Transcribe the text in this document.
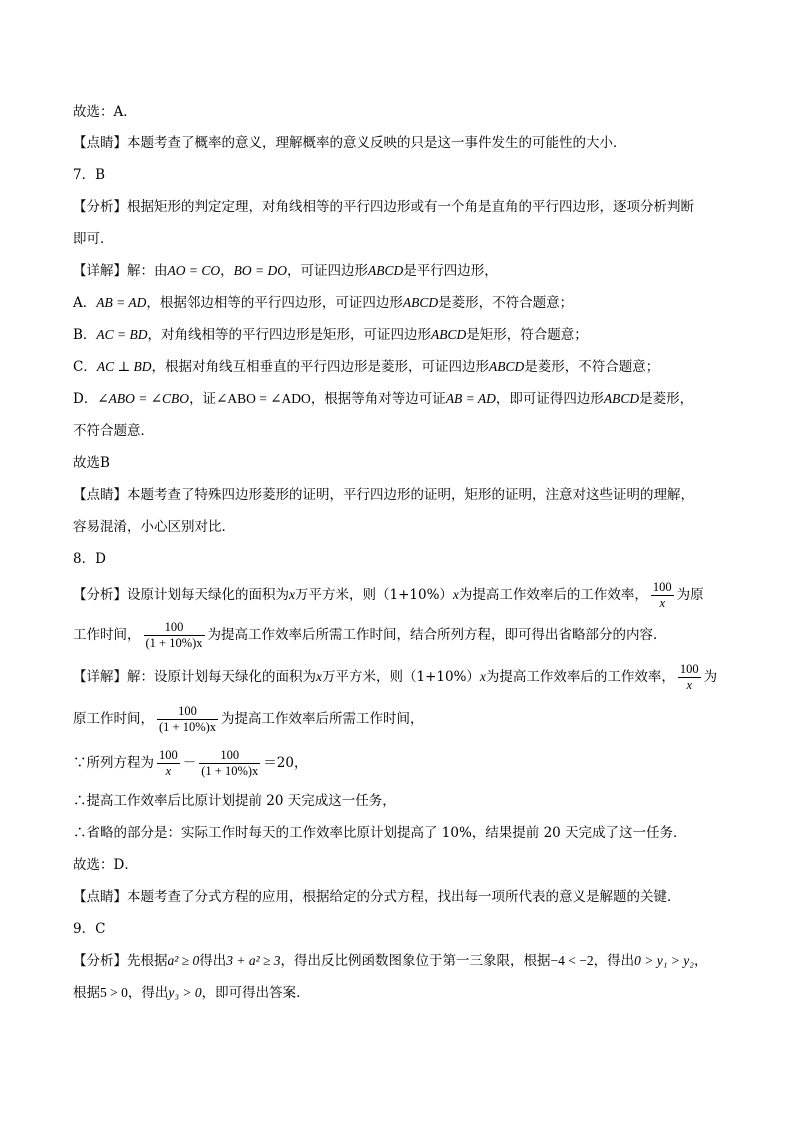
故选：A．
【点睛】本题考查了概率的意义，理解概率的意义反映的只是这一事件发生的可能性的大小．
7．B
【分析】根据矩形的判定定理，对角线相等的平行四边形或有一个角是直角的平行四边形，逐项分析判断
即可．
【详解】解：由AO = CO，BO = DO，可证四边形ABCD是平行四边形，
A．AB = AD，根据邻边相等的平行四边形，可证四边形ABCD是菱形，不符合题意；
B．AC = BD，对角线相等的平行四边形是矩形，可证四边形ABCD是矩形，符合题意；
C．AC ⊥ BD，根据对角线互相垂直的平行四边形是菱形，可证四边形ABCD是菱形，不符合题意；
D．∠ABO = ∠CBO，证∠ABO = ∠ADO，根据等角对等边可证AB = AD，即可证得四边形ABCD是菱形，
不符合题意．
故选B
【点睛】本题考查了特殊四边形菱形的证明，平行四边形的证明，矩形的证明，注意对这些证明的理解，
容易混淆，小心区别对比．
8．D
【分析】设原计划每天绿化的面积为x万平方米，则（1+10%）x为提高工作效率后的工作效率， $\frac{100}{x}$ 为原
工作时间， $\frac{100}{(1 + 10\%)x}$ 为提高工作效率后所需工作时间，结合所列方程，即可得出省略部分的内容．
【详解】解：设原计划每天绿化的面积为x万平方米，则（1+10%）x为提高工作效率后的工作效率， $\frac{100}{x}$ 为
原工作时间， $\frac{100}{(1 + 10\%)x}$ 为提高工作效率后所需工作时间，
∵所列方程为 $\frac{100}{x} - \frac{100}{(1 + 10\%)x} =20$，
∴提高工作效率后比原计划提前 20 天完成这一任务，
∴省略的部分是：实际工作时每天的工作效率比原计划提高了 10%，结果提前 20 天完成了这一任务．
故选：D．
【点睛】本题考查了分式方程的应用，根据给定的分式方程，找出每一项所代表的意义是解题的关键．
9．C
【分析】先根据a² ≥ 0得出3 + a² ≥ 3，得出反比例函数图象位于第一三象限，根据−4 < −2，得出0 > y₁ > y₂，
根据5 > 0，得出y₃ > 0，即可得出答案．
